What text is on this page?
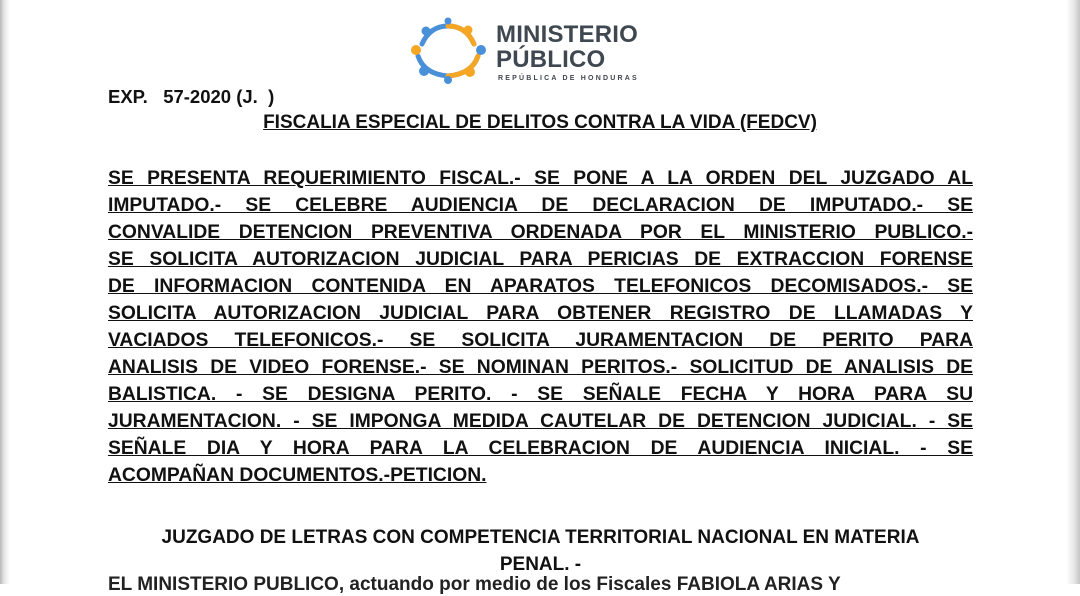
MINISTERIO
PÚBLICO
REPÚBLICA DE HONDURAS
EXP.   57-2020 (J.  )
FISCALIA ESPECIAL DE DELITOS CONTRA LA VIDA (FEDCV)
SE PRESENTA REQUERIMIENTO FISCAL.- SE PONE A LA ORDEN DEL JUZGADO AL
IMPUTADO.- SE CELEBRE AUDIENCIA DE DECLARACION DE IMPUTADO.- SE
CONVALIDE DETENCION PREVENTIVA ORDENADA POR EL MINISTERIO PUBLICO.-
SE SOLICITA AUTORIZACION JUDICIAL PARA PERICIAS DE EXTRACCION FORENSE
DE INFORMACION CONTENIDA EN APARATOS TELEFONICOS DECOMISADOS.- SE
SOLICITA AUTORIZACION JUDICIAL PARA OBTENER REGISTRO DE LLAMADAS Y
VACIADOS TELEFONICOS.- SE SOLICITA JURAMENTACION DE PERITO PARA
ANALISIS DE VIDEO FORENSE.- SE NOMINAN PERITOS.- SOLICITUD DE ANALISIS DE
BALISTICA. - SE DESIGNA PERITO. - SE SEÑALE FECHA Y HORA PARA SU
JURAMENTACION. - SE IMPONGA MEDIDA CAUTELAR DE DETENCION JUDICIAL. - SE
SEÑALE DIA Y HORA PARA LA CELEBRACION DE AUDIENCIA INICIAL. - SE
ACOMPAÑAN DOCUMENTOS.-PETICION.
JUZGADO DE LETRAS CON COMPETENCIA TERRITORIAL NACIONAL EN MATERIA
PENAL. -
EL MINISTERIO PUBLICO, actuando por medio de los Fiscales FABIOLA ARIAS Y
